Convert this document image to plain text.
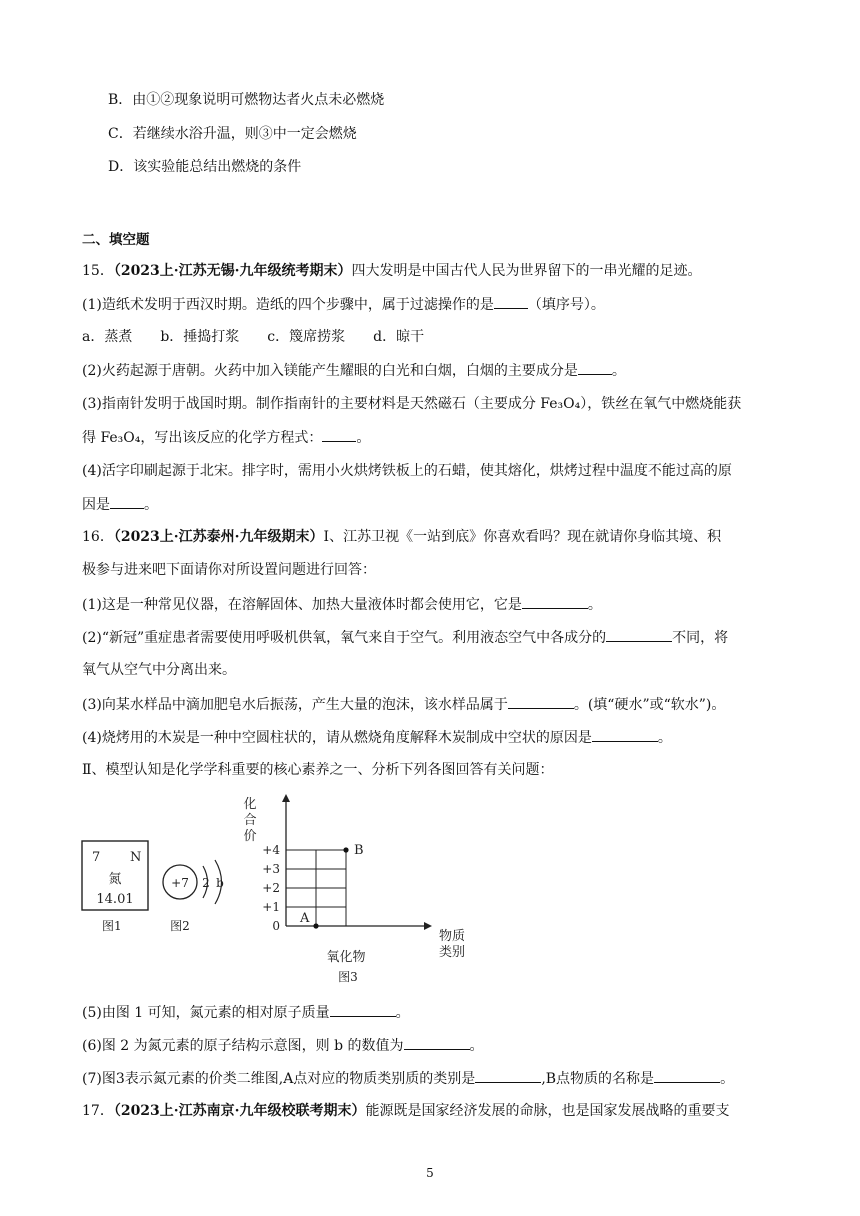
B．由①②现象说明可燃物达者火点未必燃烧
C．若继续水浴升温，则③中一定会燃烧
D．该实验能总结出燃烧的条件
二、填空题
15．（2023上·江苏无锡·九年级统考期末）四大发明是中国古代人民为世界留下的一串光耀的足迹。
(1)造纸术发明于西汉时期。造纸的四个步骤中，属于过滤操作的是 （填序号）。
a．蒸煮　　b．捶捣打浆　　c．篾席捞浆　　d．晾干
(2)火药起源于唐朝。火药中加入镁能产生耀眼的白光和白烟，白烟的主要成分是 。
(3)指南针发明于战国时期。制作指南针的主要材料是天然磁石（主要成分 Fe₃O₄），铁丝在氧气中燃烧能获
得 Fe₃O₄，写出该反应的化学方程式： 。
(4)活字印刷起源于北宋。排字时，需用小火烘烤铁板上的石蜡，使其熔化，烘烤过程中温度不能过高的原
因是 。
16．（2023上·江苏泰州·九年级期末）Ⅰ、江苏卫视《一站到底》你喜欢看吗？现在就请你身临其境、积
极参与进来吧下面请你对所设置问题进行回答：
(1)这是一种常见仪器，在溶解固体、加热大量液体时都会使用它，它是	。
(2)“新冠”重症患者需要使用呼吸机供氧，氧气来自于空气。利用液态空气中各成分的	不同，将
氧气从空气中分离出来。
(3)向某水样品中滴加肥皂水后振荡，产生大量的泡沫，该水样品属于	。(填“硬水”或“软水”)。
(4)烧烤用的木炭是一种中空圆柱状的，请从燃烧角度解释木炭制成中空状的原因是	。
Ⅱ、模型认知是化学学科重要的核心素养之一、分析下列各图回答有关问题：
7 N
氮
14.01
图1
+7 2 b
图2
化
合
价
物质
类别
氧化物
图3
+4
+3
+2
+1
0 A
B
(5)由图 1 可知，氮元素的相对原子质量	。
(6)图 2 为氮元素的原子结构示意图，则 b 的数值为	。
(7)图3表示氮元素的价类二维图,A点对应的物质类别质的类别是	,B点物质的名称是	。
17．（2023上·江苏南京·九年级校联考期末）能源既是国家经济发展的命脉，也是国家发展战略的重要支
5
